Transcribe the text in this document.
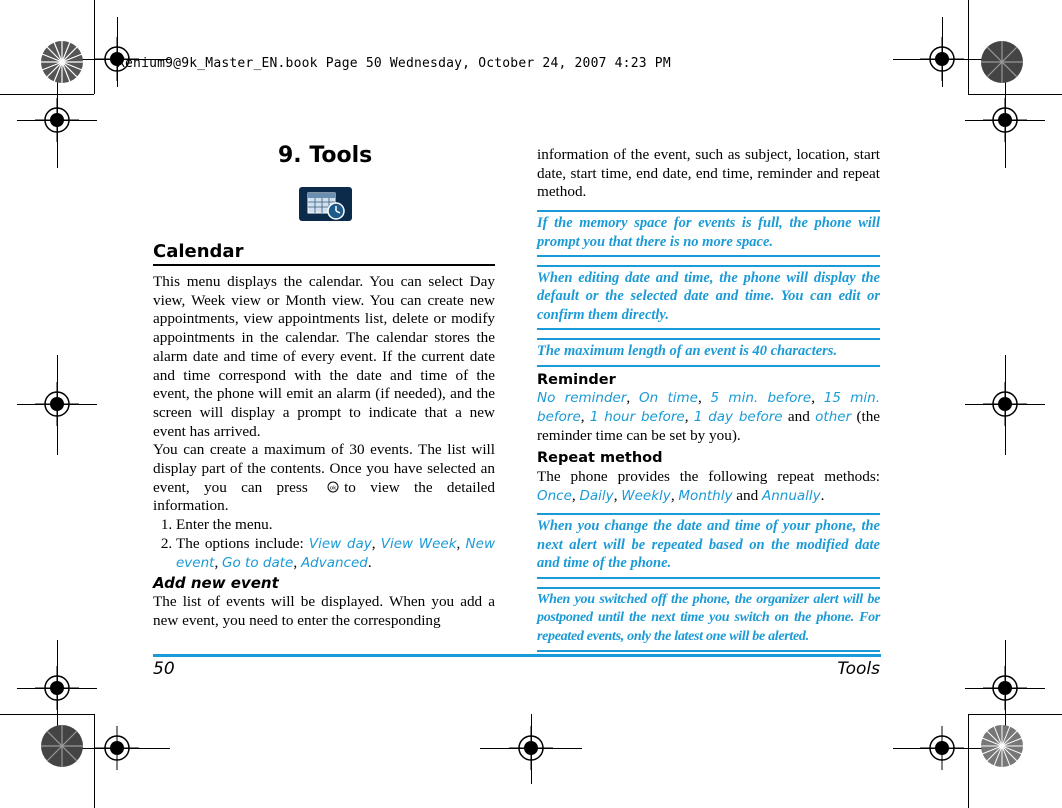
Xenium9@9k_Master_EN.book Page 50 Wednesday, October 24, 2007 4:23 PM
9. Tools
Calendar

This menu displays the calendar. You can select Day view, Week view or Month view. You can create new appointments, view appointments list, delete or modify appointments in the calendar. The calendar stores the alarm date and time of every event. If the current date and time correspond with the date and time of the event, the phone will emit an alarm (if needed), and the screen will display a prompt to indicate that a new event has arrived.

You can create a maximum of 30 events. The list will display part of the contents. Once you have selected an event, you can press	ok to view the detailed information.

1. Enter the menu.
2. The options include: View day, View Week, New event, Go to date, Advanced.
Add new event

The list of events will be displayed. When you add a new event, you need to enter the corresponding

information of the event, such as subject, location, start date, start time, end date, end time, reminder and repeat method.

If the memory space for events is full, the phone will prompt you that there is no more space.

When editing date and time, the phone will display the default or the selected date and time. You can edit or confirm them directly.

The maximum length of an event is 40 characters.

Reminder

No reminder, On time, 5 min. before, 15 min. before, 1 hour before, 1 day before and other (the reminder time can be set by you).

Repeat method

The phone provides the following repeat methods: Once, Daily, Weekly, Monthly and Annually.

When you change the date and time of your phone, the next alert will be repeated based on the modified date and time of the phone.

When you switched off the phone, the organizer alert will be postponed until the next time you switch on the phone. For repeated events, only the latest one will be alerted.

50	Tools
